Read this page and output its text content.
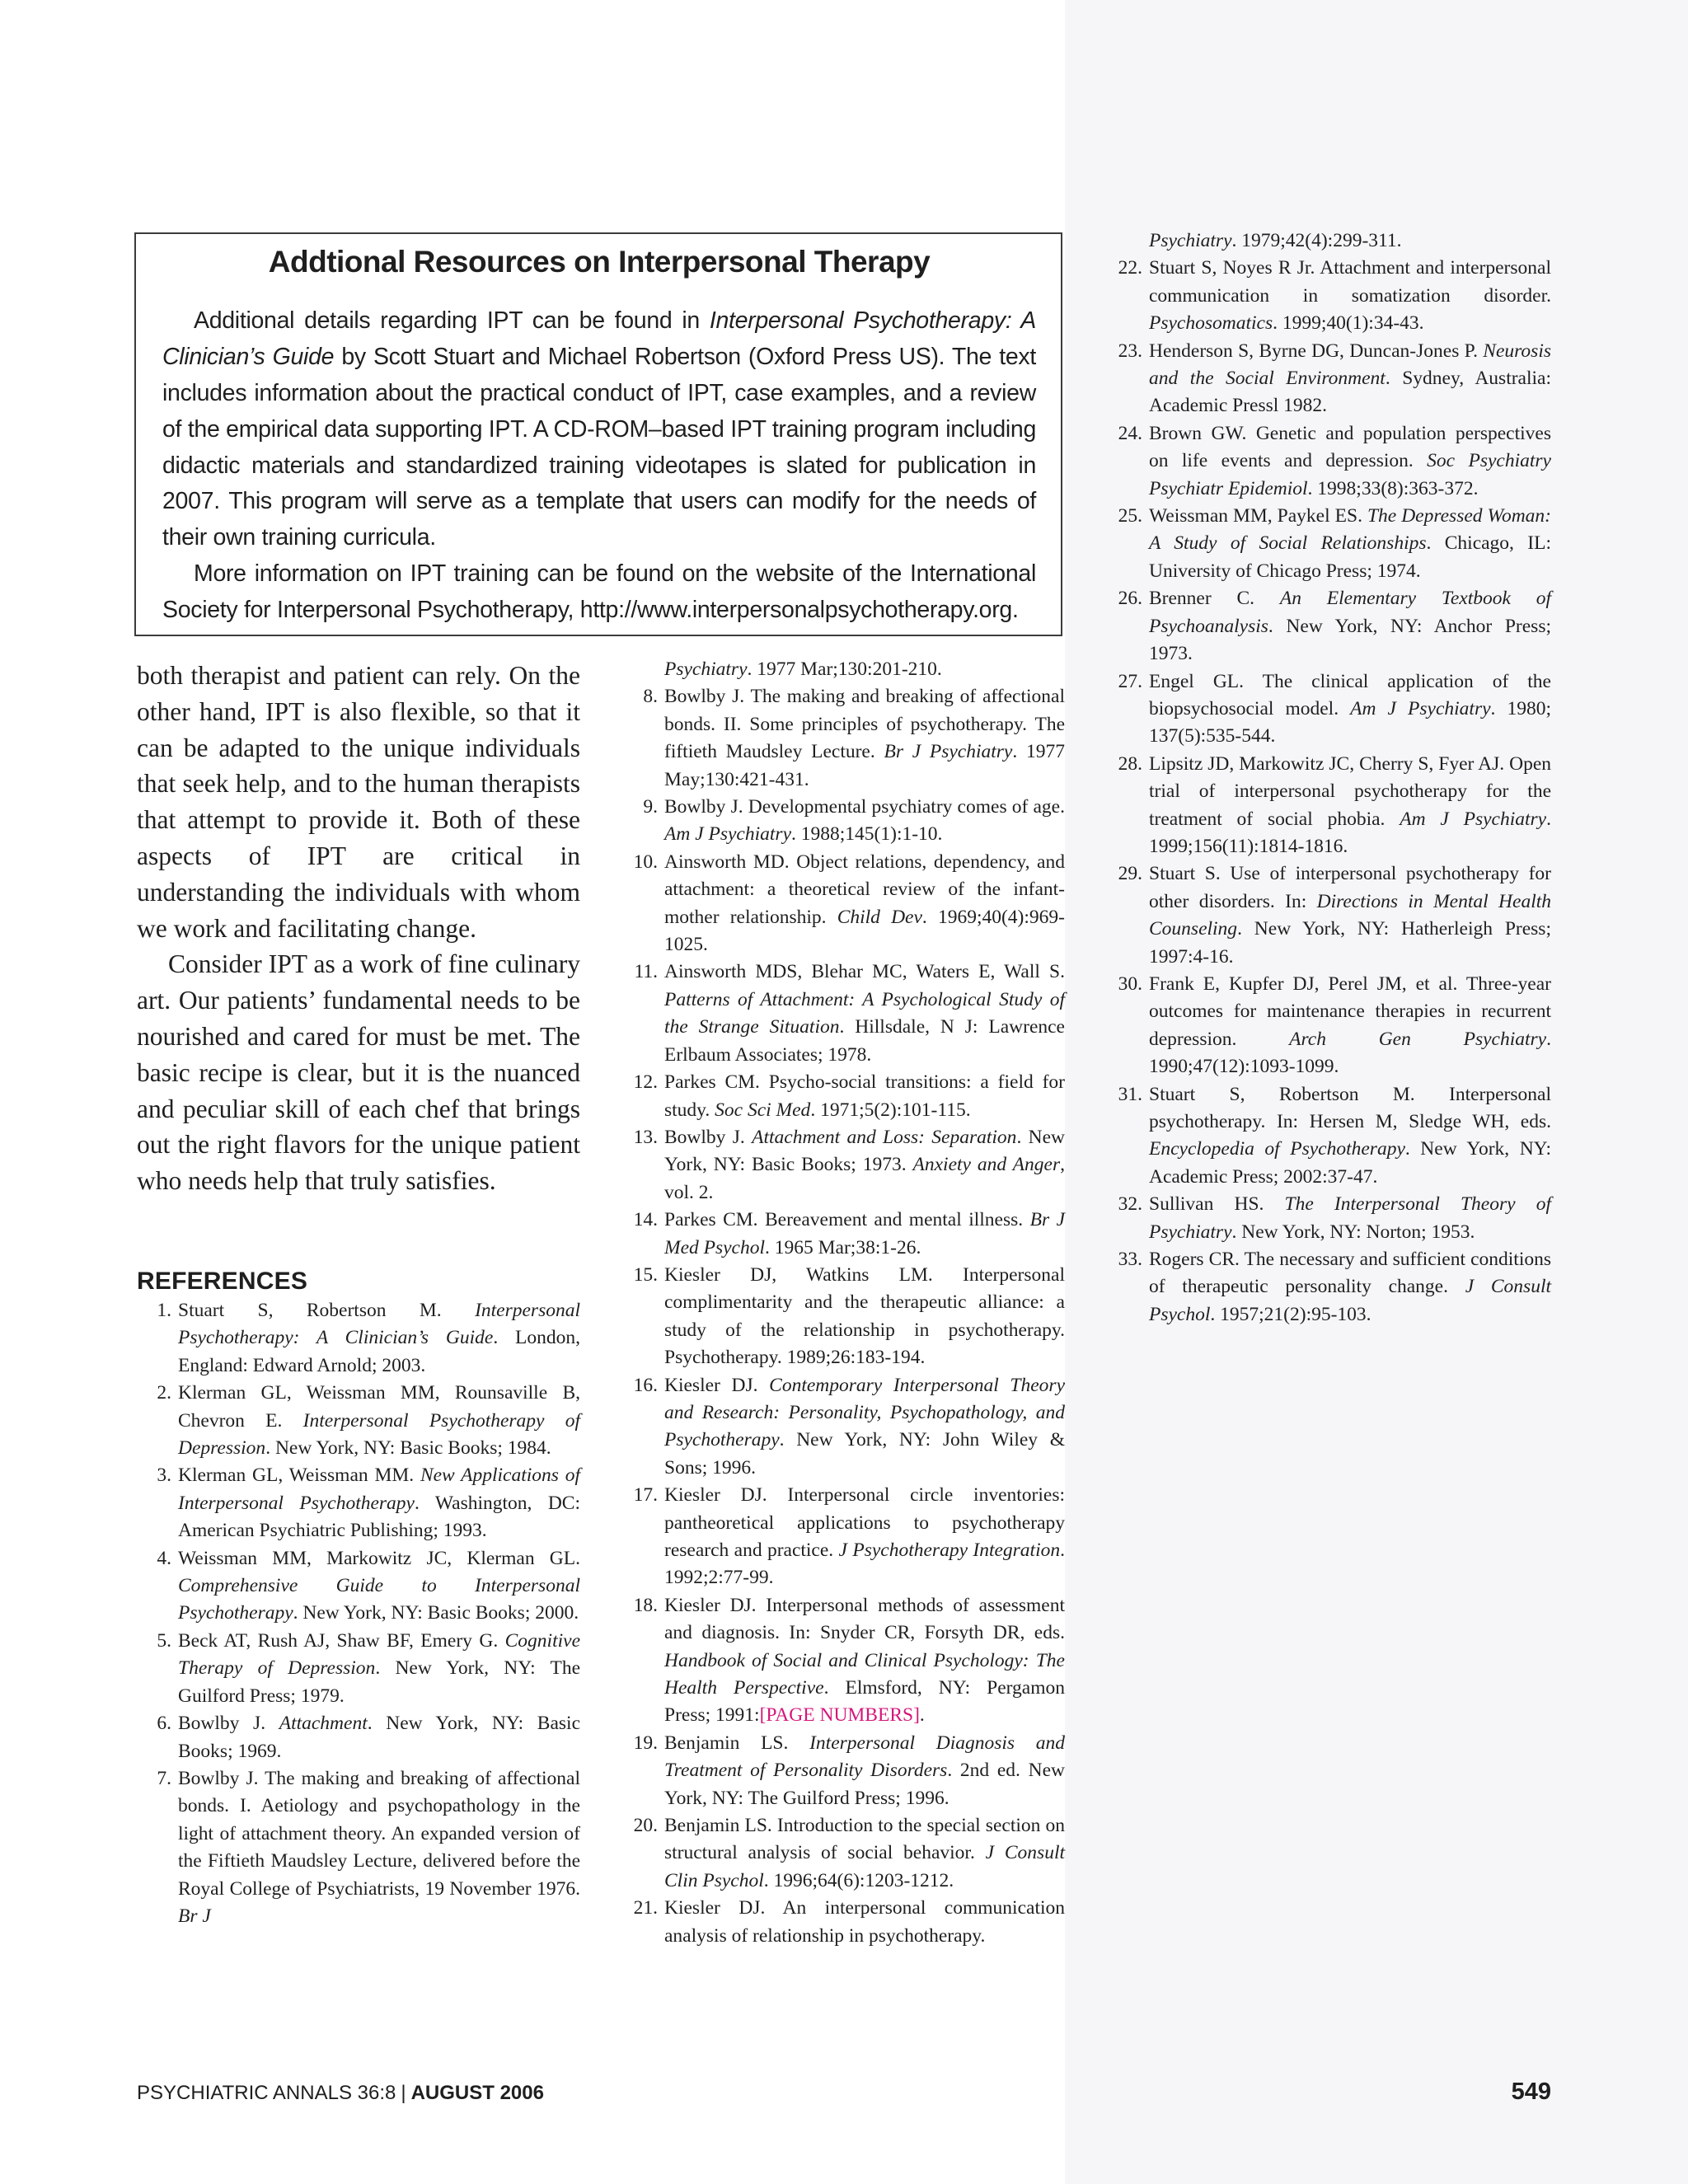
Addtional Resources on Interpersonal Therapy

Additional details regarding IPT can be found in Interpersonal Psychotherapy: A Clinician’s Guide by Scott Stuart and Michael Robertson (Oxford Press US). The text includes information about the practical conduct of IPT, case examples, and a review of the empirical data supporting IPT. A CD-ROM–based IPT training program including didactic materials and standardized training videotapes is slated for publication in 2007. This program will serve as a template that users can modify for the needs of their own training curricula.

More information on IPT training can be found on the website of the International Society for Interpersonal Psychotherapy, http://www.interpersonalpsychotherapy.org.

both therapist and patient can rely. On the other hand, IPT is also flexible, so that it can be adapted to the unique individuals that seek help, and to the human therapists that attempt to provide it. Both of these aspects of IPT are critical in understanding the individuals with whom we work and facilitating change.

Consider IPT as a work of fine culinary art. Our patients’ fundamental needs to be nourished and cared for must be met. The basic recipe is clear, but it is the nuanced and peculiar skill of each chef that brings out the right flavors for the unique patient who needs help that truly satisfies.

REFERENCES
1. Stuart S, Robertson M. Interpersonal Psychotherapy: A Clinician’s Guide. London, England: Edward Arnold; 2003.
2. Klerman GL, Weissman MM, Rounsaville B, Chevron E. Interpersonal Psychotherapy of Depression. New York, NY: Basic Books; 1984.
3. Klerman GL, Weissman MM. New Applications of Interpersonal Psychotherapy. Washington, DC: American Psychiatric Publishing; 1993.
4. Weissman MM, Markowitz JC, Klerman GL. Comprehensive Guide to Interpersonal Psychotherapy. New York, NY: Basic Books; 2000.
5. Beck AT, Rush AJ, Shaw BF, Emery G. Cognitive Therapy of Depression. New York, NY: The Guilford Press; 1979.
6. Bowlby J. Attachment. New York, NY: Basic Books; 1969.
7. Bowlby J. The making and breaking of affectional bonds. I. Aetiology and psychopathology in the light of attachment theory. An expanded version of the Fiftieth Maudsley Lecture, delivered before the Royal College of Psychiatrists, 19 November 1976. Br J
Psychiatry. 1977 Mar;130:201-210.
8. Bowlby J. The making and breaking of affectional bonds. II. Some principles of psychotherapy. The fiftieth Maudsley Lecture. Br J Psychiatry. 1977 May;130:421-431.
9. Bowlby J. Developmental psychiatry comes of age. Am J Psychiatry. 1988;145(1):1-10.
10. Ainsworth MD. Object relations, dependency, and attachment: a theoretical review of the infant-mother relationship. Child Dev. 1969;40(4):969-1025.
11. Ainsworth MDS, Blehar MC, Waters E, Wall S. Patterns of Attachment: A Psychological Study of the Strange Situation. Hillsdale, N J: Lawrence Erlbaum Associates; 1978.
12. Parkes CM. Psycho-social transitions: a field for study. Soc Sci Med. 1971;5(2):101-115.
13. Bowlby J. Attachment and Loss: Separation. New York, NY: Basic Books; 1973. Anxiety and Anger, vol. 2.
14. Parkes CM. Bereavement and mental illness. Br J Med Psychol. 1965 Mar;38:1-26.
15. Kiesler DJ, Watkins LM. Interpersonal complimentarity and the therapeutic alliance: a study of the relationship in psychotherapy. Psychotherapy. 1989;26:183-194.
16. Kiesler DJ. Contemporary Interpersonal Theory and Research: Personality, Psychopathology, and Psychotherapy. New York, NY: John Wiley & Sons; 1996.
17. Kiesler DJ. Interpersonal circle inventories: pantheoretical applications to psychotherapy research and practice. J Psychotherapy Integration. 1992;2:77-99.
18. Kiesler DJ. Interpersonal methods of assessment and diagnosis. In: Snyder CR, Forsyth DR, eds. Handbook of Social and Clinical Psychology: The Health Perspective. Elmsford, NY: Pergamon Press; 1991:[PAGE NUMBERS].
19. Benjamin LS. Interpersonal Diagnosis and Treatment of Personality Disorders. 2nd ed. New York, NY: The Guilford Press; 1996.
20. Benjamin LS. Introduction to the special section on structural analysis of social behavior. J Consult Clin Psychol. 1996;64(6):1203-1212.
21. Kiesler DJ. An interpersonal communication analysis of relationship in psychotherapy.
Psychiatry. 1979;42(4):299-311.
22. Stuart S, Noyes R Jr. Attachment and interpersonal communication in somatization disorder. Psychosomatics. 1999;40(1):34-43.
23. Henderson S, Byrne DG, Duncan-Jones P. Neurosis and the Social Environment. Sydney, Australia: Academic Pressl 1982.
24. Brown GW. Genetic and population perspectives on life events and depression. Soc Psychiatry Psychiatr Epidemiol. 1998;33(8):363-372.
25. Weissman MM, Paykel ES. The Depressed Woman: A Study of Social Relationships. Chicago, IL: University of Chicago Press; 1974.
26. Brenner C. An Elementary Textbook of Psychoanalysis. New York, NY: Anchor Press; 1973.
27. Engel GL. The clinical application of the biopsychosocial model. Am J Psychiatry. 1980; 137(5):535-544.
28. Lipsitz JD, Markowitz JC, Cherry S, Fyer AJ. Open trial of interpersonal psychotherapy for the treatment of social phobia. Am J Psychiatry. 1999;156(11):1814-1816.
29. Stuart S. Use of interpersonal psychotherapy for other disorders. In: Directions in Mental Health Counseling. New York, NY: Hatherleigh Press; 1997:4-16.
30. Frank E, Kupfer DJ, Perel JM, et al. Three-year outcomes for maintenance therapies in recurrent depression. Arch Gen Psychiatry. 1990;47(12):1093-1099.
31. Stuart S, Robertson M. Interpersonal psychotherapy. In: Hersen M, Sledge WH, eds. Encyclopedia of Psychotherapy. New York, NY: Academic Press; 2002:37-47.
32. Sullivan HS. The Interpersonal Theory of Psychiatry. New York, NY: Norton; 1953.
33. Rogers CR. The necessary and sufficient conditions of therapeutic personality change. J Consult Psychol. 1957;21(2):95-103.
PSYCHIATRIC ANNALS 36:8 | AUGUST 2006	549
